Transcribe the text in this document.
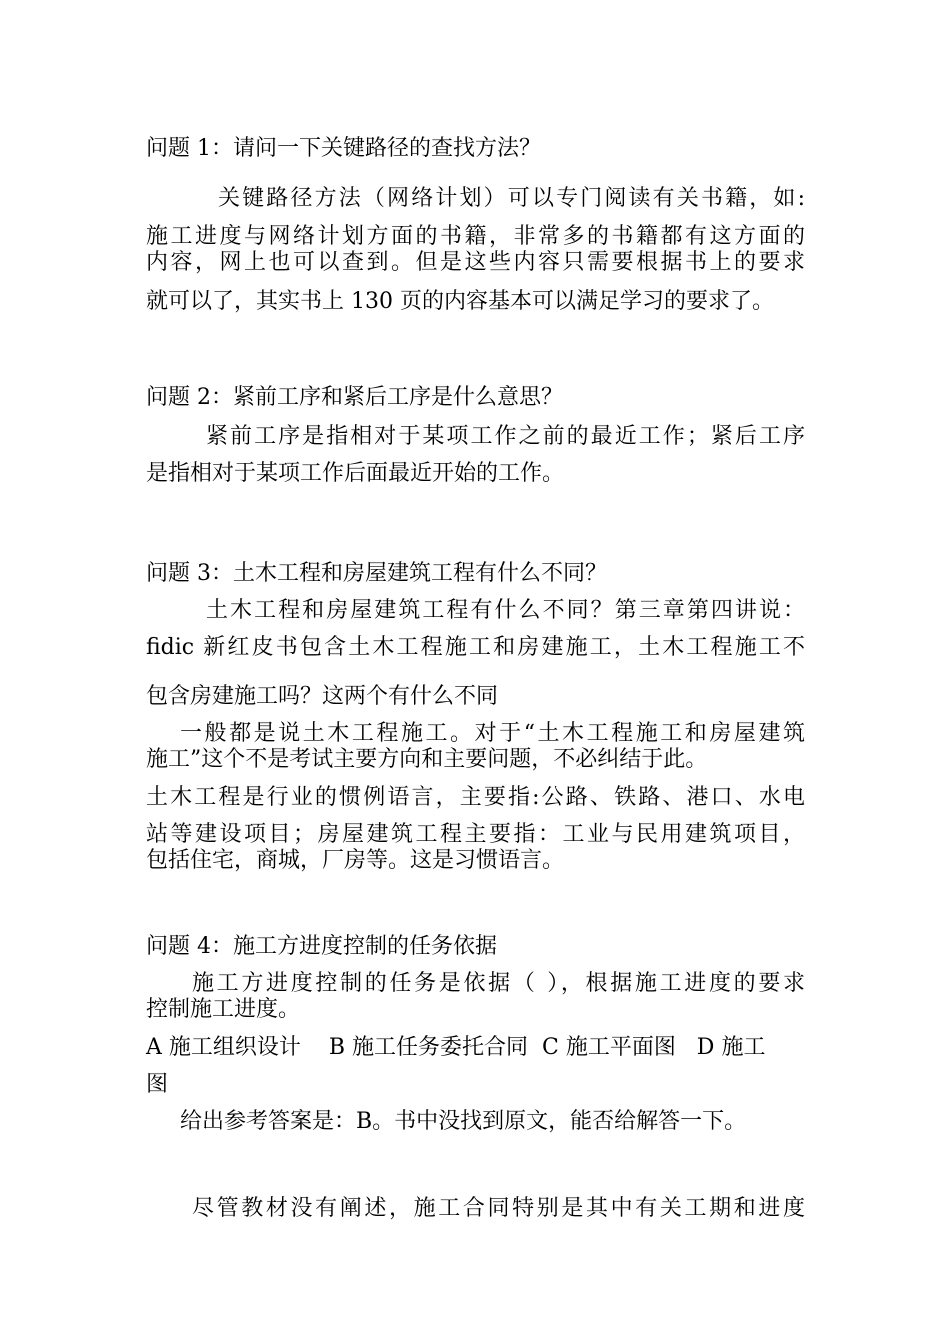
问题 1：请问一下关键路径的查找方法？
关键路径方法（网络计划）可以专门阅读有关书籍，如:
施工进度与网络计划方面的书籍，非常多的书籍都有这方面的
内容，网上也可以查到。但是这些内容只需要根据书上的要求
就可以了，其实书上 130 页的内容基本可以满足学习的要求了。
问题 2：紧前工序和紧后工序是什么意思？
紧前工序是指相对于某项工作之前的最近工作；紧后工序
是指相对于某项工作后面最近开始的工作。
问题 3：土木工程和房屋建筑工程有什么不同？
土木工程和房屋建筑工程有什么不同？第三章第四讲说：
fidic 新红皮书包含土木工程施工和房建施工，土木工程施工不
包含房建施工吗？这两个有什么不同
一般都是说土木工程施工。对于“土木工程施工和房屋建筑
施工”这个不是考试主要方向和主要问题，不必纠结于此。
土木工程是行业的惯例语言，主要指:公路、铁路、港口、水电
站等建设项目；房屋建筑工程主要指：工业与民用建筑项目，
包括住宅，商城，厂房等。这是习惯语言。
问题 4：施工方进度控制的任务依据
施工方进度控制的任务是依据（ ），根据施工进度的要求
控制施工进度。
A 施工组织设计    B 施工任务委托合同  C 施工平面图   D 施工
图
给出参考答案是：B。书中没找到原文，能否给解答一下。
尽管教材没有阐述，施工合同特别是其中有关工期和进度
